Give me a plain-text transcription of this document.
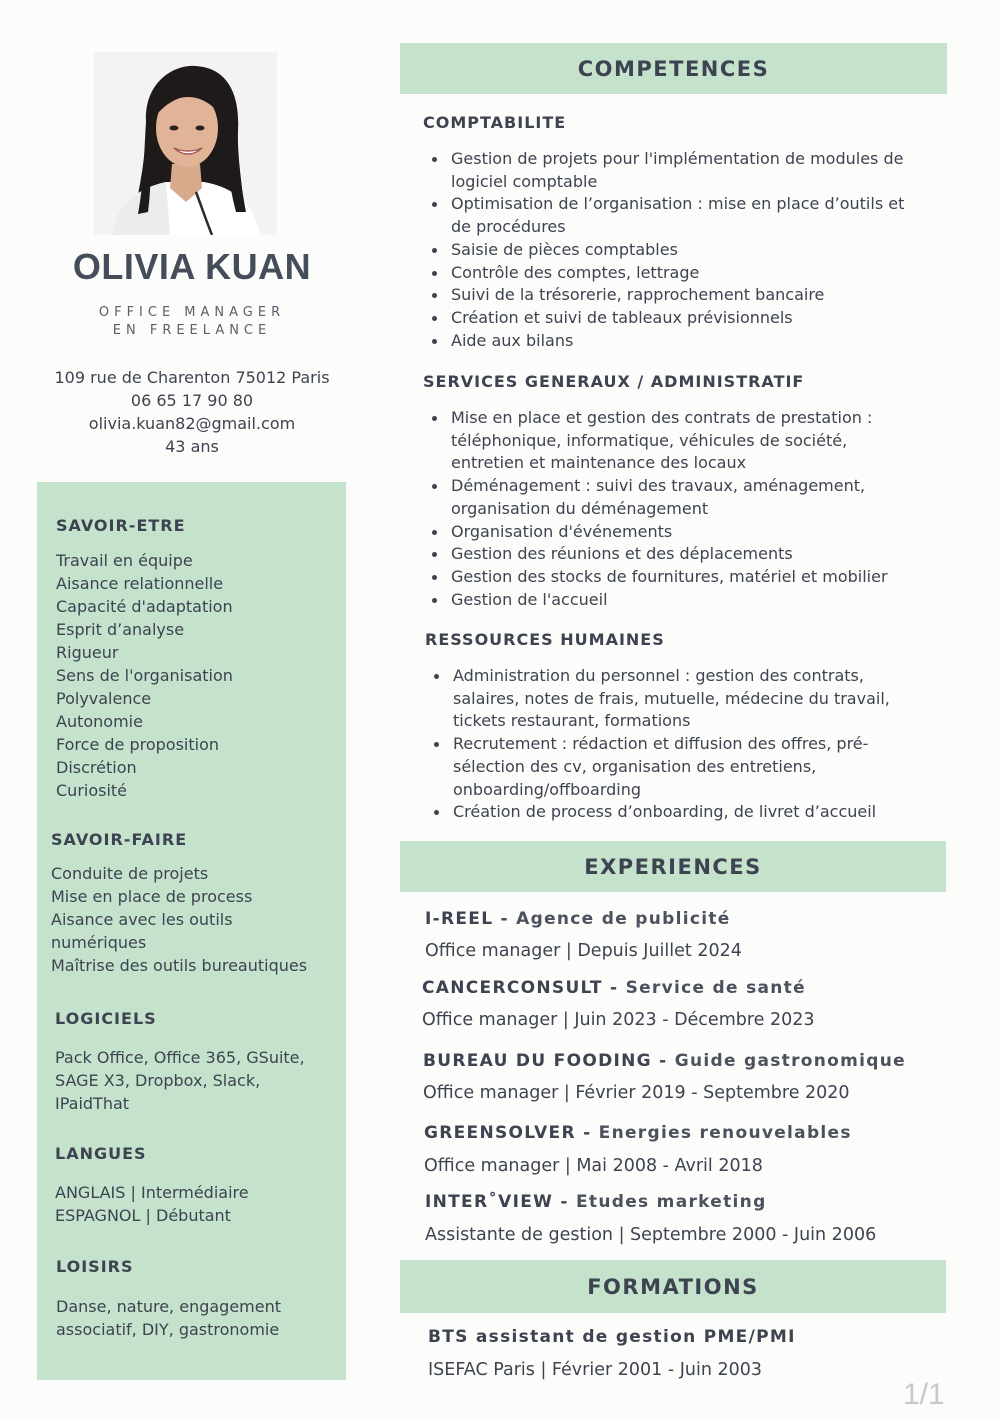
OLIVIA KUAN
OFFICE MANAGER
EN FREELANCE
109 rue de Charenton 75012 Paris
06 65 17 90 80
olivia.kuan82@gmail.com
43 ans
SAVOIR-ETRE
Travail en équipe
Aisance relationnelle
Capacité d'adaptation
Esprit d’analyse
Rigueur
Sens de l'organisation
Polyvalence
Autonomie
Force de proposition
Discrétion
Curiosité
SAVOIR-FAIRE
Conduite de projets
Mise en place de process
Aisance avec les outils
numériques
Maîtrise des outils bureautiques
LOGICIELS
Pack Office, Office 365, GSuite,
SAGE X3, Dropbox, Slack,
IPaidThat
LANGUES
ANGLAIS | Intermédiaire
ESPAGNOL | Débutant
LOISIRS
Danse, nature, engagement
associatif, DIY, gastronomie
COMPETENCES
COMPTABILITE
Gestion de projets pour l'implémentation de modules de
logiciel comptable
Optimisation de l’organisation : mise en place d’outils et
de procédures
Saisie de pièces comptables
Contrôle des comptes, lettrage
Suivi de la trésorerie, rapprochement bancaire
Création et suivi de tableaux prévisionnels
Aide aux bilans
SERVICES GENERAUX / ADMINISTRATIF
Mise en place et gestion des contrats de prestation :
téléphonique, informatique, véhicules de société,
entretien et maintenance des locaux
Déménagement : suivi des travaux, aménagement,
organisation du déménagement
Organisation d'événements
Gestion des réunions et des déplacements
Gestion des stocks de fournitures, matériel et mobilier
Gestion de l'accueil
RESSOURCES HUMAINES
Administration du personnel : gestion des contrats,
salaires, notes de frais, mutuelle, médecine du travail,
tickets restaurant, formations
Recrutement : rédaction et diffusion des offres, pré-
sélection des cv, organisation des entretiens,
onboarding/offboarding
Création de process d’onboarding, de livret d’accueil
EXPERIENCES
I-REEL - Agence de publicité
Office manager | Depuis Juillet 2024
CANCERCONSULT - Service de santé
Office manager | Juin 2023 - Décembre 2023
BUREAU DU FOODING - Guide gastronomique
Office manager | Février 2019 - Septembre 2020
GREENSOLVER - Energies renouvelables
Office manager | Mai 2008 - Avril 2018
INTER˚VIEW - Etudes marketing
Assistante de gestion | Septembre 2000 - Juin 2006
FORMATIONS
BTS assistant de gestion PME/PMI
ISEFAC Paris | Février 2001 - Juin 2003
1/1
